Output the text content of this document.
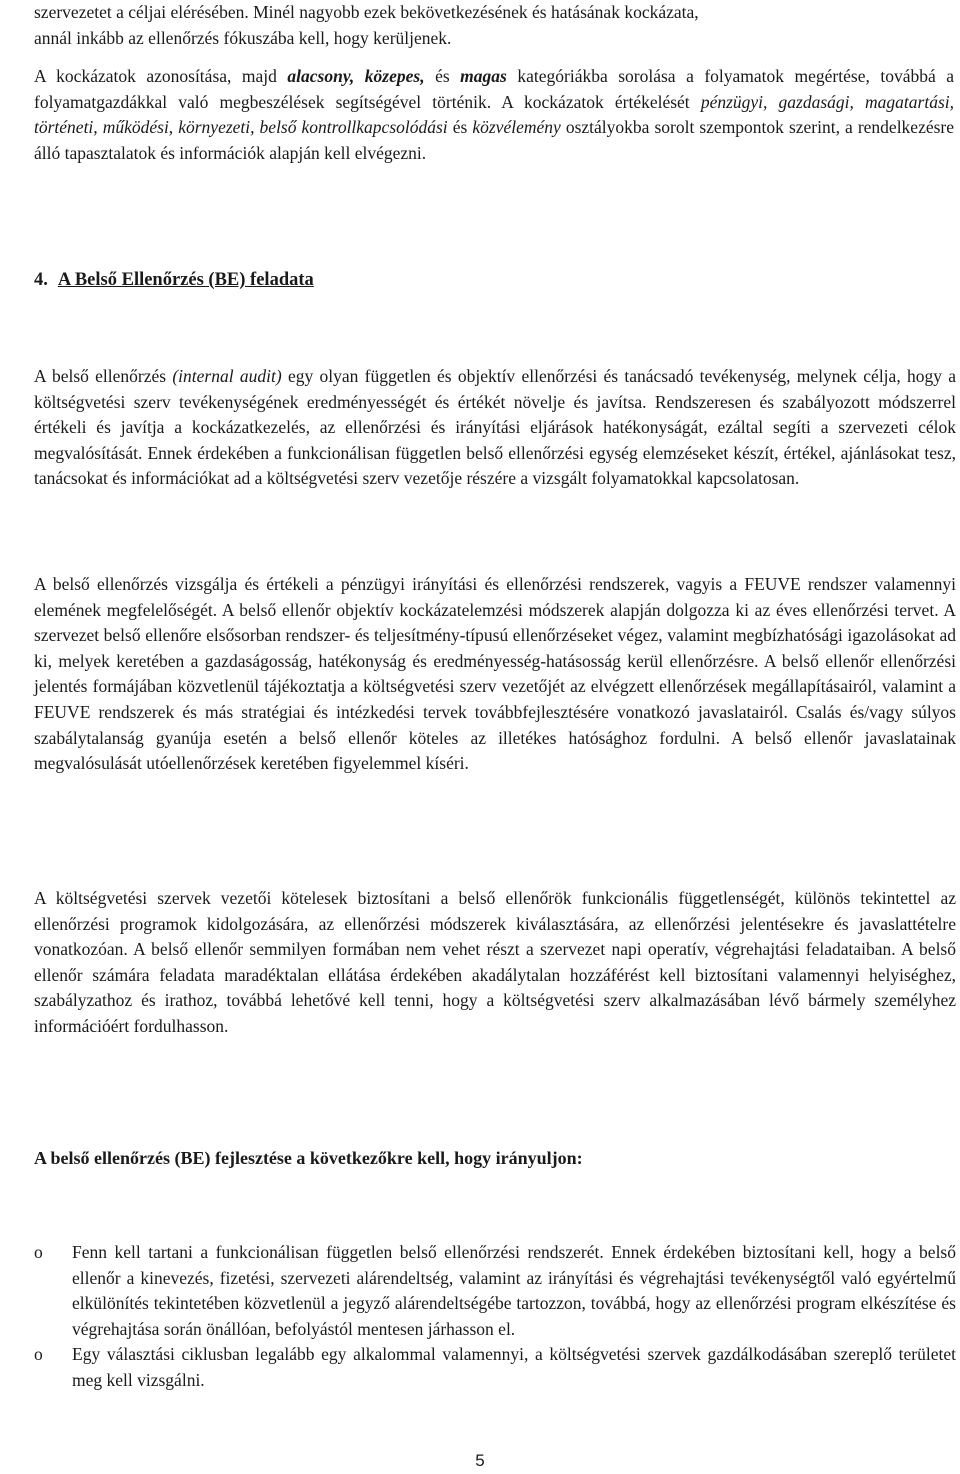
szervezetet a céljai elérésében. Minél nagyobb ezek bekövetkezésének és hatásának kockázata,
annál inkább az ellenőrzés fókuszába kell, hogy kerüljenek.

A kockázatok azonosítása, majd alacsony, közepes, és magas kategóriákba sorolása a folyamatok megértése, továbbá a folyamatgazdákkal való megbeszélések segítségével történik. A kockázatok értékelését pénzügyi, gazdasági, magatartási, történeti, működési, környezeti, belső kontrollkapcsolódási és közvélemény osztályokba sorolt szempontok szerint, a rendelkezésre álló tapasztalatok és információk alapján kell elvégezni.

4. A Belső Ellenőrzés (BE) feladata

A belső ellenőrzés (internal audit) egy olyan független és objektív ellenőrzési és tanácsadó tevékenység, melynek célja, hogy a költségvetési szerv tevékenységének eredményességét és értékét növelje és javítsa. Rendszeresen és szabályozott módszerrel értékeli és javítja a kockázatkezelés, az ellenőrzési és irányítási eljárások hatékonyságát, ezáltal segíti a szervezeti célok megvalósítását. Ennek érdekében a funkcionálisan független belső ellenőrzési egység elemzéseket készít, értékel, ajánlásokat tesz, tanácsokat és információkat ad a költségvetési szerv vezetője részére a vizsgált folyamatokkal kapcsolatosan.

A belső ellenőrzés vizsgálja és értékeli a pénzügyi irányítási és ellenőrzési rendszerek, vagyis a FEUVE rendszer valamennyi elemének megfelelőségét. A belső ellenőr objektív kockázatelemzési módszerek alapján dolgozza ki az éves ellenőrzési tervet. A szervezet belső ellenőre elsősorban rendszer- és teljesítmény-típusú ellenőrzéseket végez, valamint megbízhatósági igazolásokat ad ki, melyek keretében a gazdaságosság, hatékonyság és eredményesség-hatásosság kerül ellenőrzésre. A belső ellenőr ellenőrzési jelentés formájában közvetlenül tájékoztatja a költségvetési szerv vezetőjét az elvégzett ellenőrzések megállapításairól, valamint a FEUVE rendszerek és más stratégiai és intézkedési tervek továbbfejlesztésére vonatkozó javaslatairól. Csalás és/vagy súlyos szabálytalanság gyanúja esetén a belső ellenőr köteles az illetékes hatósághoz fordulni. A belső ellenőr javaslatainak megvalósulását utóellenőrzések keretében figyelemmel kíséri.

A költségvetési szervek vezetői kötelesek biztosítani a belső ellenőrök funkcionális függetlenségét, különös tekintettel az ellenőrzési programok kidolgozására, az ellenőrzési módszerek kiválasztására, az ellenőrzési jelentésekre és javaslattételre vonatkozóan. A belső ellenőr semmilyen formában nem vehet részt a szervezet napi operatív, végrehajtási feladataiban. A belső ellenőr számára feladata maradéktalan ellátása érdekében akadálytalan hozzáférést kell biztosítani valamennyi helyiséghez, szabályzathoz és irathoz, továbbá lehetővé kell tenni, hogy a költségvetési szerv alkalmazásában lévő bármely személyhez információért fordulhasson.

A belső ellenőrzés (BE) fejlesztése a következőkre kell, hogy irányuljon:
o	Fenn kell tartani a funkcionálisan független belső ellenőrzési rendszerét. Ennek érdekében biztosítani kell, hogy a belső ellenőr a kinevezés, fizetési, szervezeti alárendeltség, valamint az irányítási és végrehajtási tevékenységtől való egyértelmű elkülönítés tekintetében közvetlenül a jegyző alárendeltségébe tartozzon, továbbá, hogy az ellenőrzési program elkészítése és végrehajtása során önállóan, befolyástól mentesen járhasson el.
o	Egy választási ciklusban legalább egy alkalommal valamennyi, a költségvetési szervek gazdálkodásában szereplő területet meg kell vizsgálni.
5
